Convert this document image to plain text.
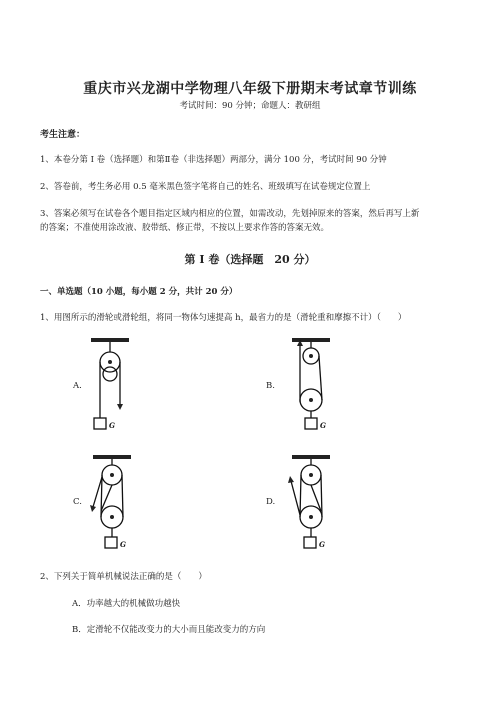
重庆市兴龙湖中学物理八年级下册期末考试章节训练
考试时间：90 分钟；命题人：教研组
考生注意：
1、本卷分第 I 卷（选择题）和第Ⅱ卷（非选择题）两部分，满分 100 分，考试时间 90 分钟
2、答卷前，考生务必用 0.5 毫米黑色签字笔将自己的姓名、班级填写在试卷规定位置上
3、答案必须写在试卷各个题目指定区域内相应的位置，如需改动，先划掉原来的答案，然后再写上新
的答案；不准使用涂改液、胶带纸、修正带，不按以上要求作答的答案无效。
第 I 卷（选择题　20 分）
一、单选题（10 小题，每小题 2 分，共计 20 分）
1、用图所示的滑轮或滑轮组，将同一物体匀速提高 h，最省力的是（滑轮重和摩擦不计）（　　）
A.	B.
C.	D.
G	G
G	G
2、下列关于简单机械说法正确的是（　　）
A．功率越大的机械做功越快
B．定滑轮不仅能改变力的大小而且能改变力的方向
